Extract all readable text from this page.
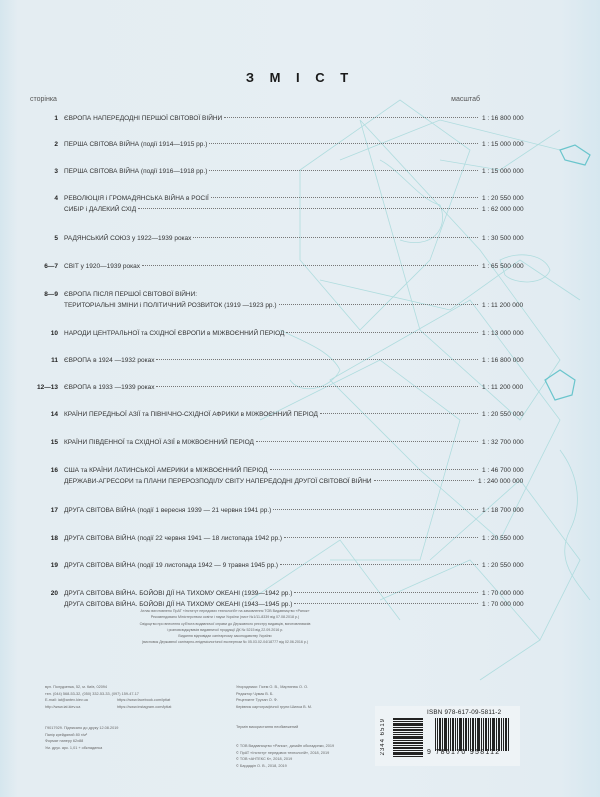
З М І С Т
сторінка	масштаб
1 ЄВРОПА НАПЕРЕДОДНІ ПЕРШОЇ СВІТОВОЇ ВІЙНИ	1 : 16 800 000
2 ПЕРША СВІТОВА ВІЙНА (події 1914—1915 рр.)	1 : 15 000 000
3 ПЕРША СВІТОВА ВІЙНА (події 1916—1918 рр.)	1 : 15 000 000
4 РЕВОЛЮЦІЯ і ГРОМАДЯНСЬКА ВІЙНА в РОСІЇ	1 : 20 550 000
СИБІР і ДАЛЕКИЙ СХІД	1 : 62 000 000
5 РАДЯНСЬКИЙ СОЮЗ у 1922—1939 роках	1 : 30 500 000
6—7 СВІТ у 1920—1939 роках	1 : 65 500 000
8—9 ЄВРОПА ПІСЛЯ ПЕРШОЇ СВІТОВОЇ ВІЙНИ:
ТЕРИТОРІАЛЬНІ ЗМІНИ і ПОЛІТИЧНИЙ РОЗВИТОК (1919 —1923 рр.)	1 : 11 200 000
10 НАРОДИ ЦЕНТРАЛЬНОЇ та СХІДНОЇ ЄВРОПИ в МІЖВОЄННИЙ ПЕРІОД	1 : 13 000 000
11 ЄВРОПА в 1924 —1932 роках	1 : 16 800 000
12—13 ЄВРОПА в 1933 —1939 роках	1 : 11 200 000
14 КРАЇНИ ПЕРЕДНЬОЇ АЗІЇ та ПІВНІЧНО-СХІДНОЇ АФРИКИ в МІЖВОЄННИЙ ПЕРІОД	1 : 20 550 000
15 КРАЇНИ ПІВДЕННОЇ та СХІДНОЇ АЗІЇ в МІЖВОЄННИЙ ПЕРІОД	1 : 32 700 000
16 США та КРАЇНИ ЛАТИНСЬКОЇ АМЕРИКИ в МІЖВОЄННИЙ ПЕРІОД	1 : 46 700 000
ДЕРЖАВИ-АГРЕСОРИ та ПЛАНИ ПЕРЕРОЗПОДІЛУ СВІТУ НАПЕРЕДОДНІ ДРУГОЇ СВІТОВОЇ ВІЙНИ	1 : 240 000 000
17 ДРУГА СВІТОВА ВІЙНА (події 1 вересня 1939 — 21 червня 1941 рр.)	1 : 18 700 000
18 ДРУГА СВІТОВА ВІЙНА (події 22 червня 1941 — 18 листопада 1942 рр.)	1 : 20 550 000
19 ДРУГА СВІТОВА ВІЙНА (події 19 листопада 1942 — 9 травня 1945 рр.)	1 : 20 550 000
20 ДРУГА СВІТОВА ВІЙНА. БОЙОВІ ДІЇ НА ТИХОМУ ОКЕАНІ (1939—1942 рр.)	1 : 70 000 000
ДРУГА СВІТОВА ВІЙНА. БОЙОВІ ДІЇ НА ТИХОМУ ОКЕАНІ (1943—1945 рр.)	1 : 70 000 000
Атлас виготовлено ПрАТ «Інститут передових технологій» на замовлення ТОВ Видавництво «Ранок»
Рекомендовано Міністерством освіти і науки України (лист №1/11-8339 від 07.08.2018 р.)
Свідоцтво про внесення суб'єкта видавничої справи до Державного реєстру видавців, виготовлювачів
і розповсюджувачів видавничої продукції ДК № 5215 від 22.09.2016 р.
Видання відповідає санітарному законодавству України
(висновок Державної санітарно-епідеміологічної експертизи № 05.03.02-04/18777 від 02.06.2016 р.)
вул. Полудзенка, 52, м. Київ, 02094
тел. (044) 568-53-32, (050) 332-53-33, (097) 159-47-17
E-mail: iat@antex.kiev.ua	https://www.facebook.com/iptiat
http://www.iat.kiev.ua	https://www.instagram.com/iptiat
Г9017929. Підписано до друку 12.08.2019
Папір крейдяний 80 г/м²
Формат паперу 62х88
Ум. друк. арк. 1,01 + обкладинка
Упорядники: Гісем О. В., Мартинюк О. О.
Редактор Чумак В. Б.
Рецензент Трухан О. Ф.
Керівник картографічної групи Шилка В. М.
Термін використання необмежений
© ТОВ Видавництво «Ранок», дизайн обкладинки, 2019
© ПрАТ «Інститут передових технологій», 2018, 2019
© ТОВ «АНТЕКС К», 2018, 2019
© Бардадін О. В., 2018, 2019
2344 6519
ISBN 978-617-09-5811-2
9 786170 958112
